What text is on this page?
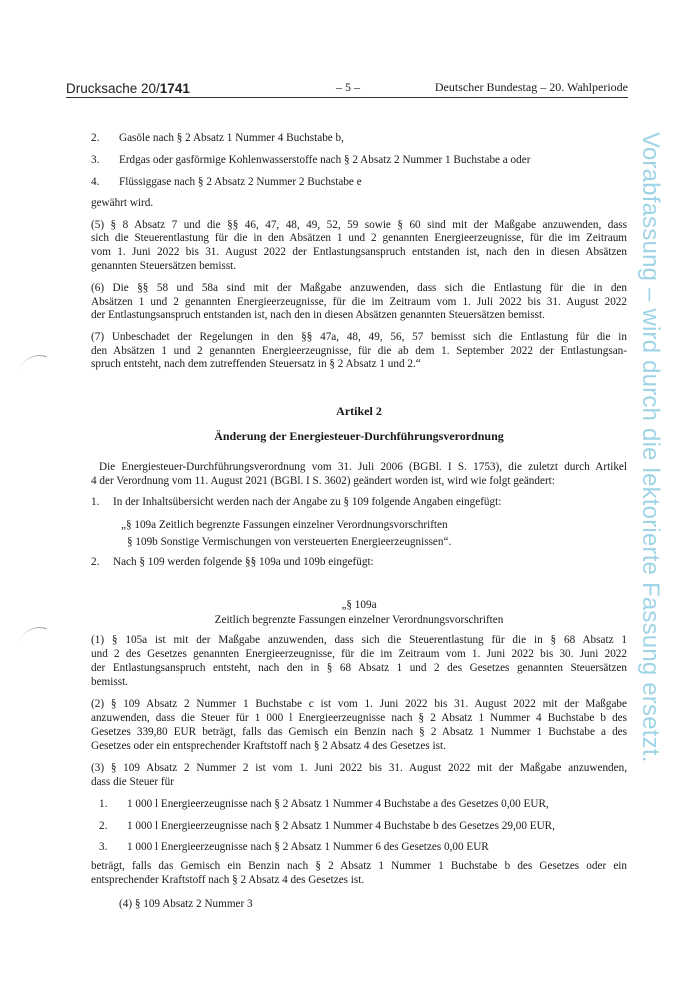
Drucksache 20/1741	– 5 –	Deutscher Bundestag – 20. Wahlperiode
Vorabfassung – wird durch die lektorierte Fassung ersetzt.
2. Gasöle nach § 2 Absatz 1 Nummer 4 Buchstabe b,
3. Erdgas oder gasförmige Kohlenwasserstoffe nach § 2 Absatz 2 Nummer 1 Buchstabe a oder
4. Flüssiggase nach § 2 Absatz 2 Nummer 2 Buchstabe e
gewährt wird.
(5) § 8 Absatz 7 und die §§ 46, 47, 48, 49, 52, 59 sowie § 60 sind mit der Maßgabe anzuwenden, dass
sich die Steuerentlastung für die in den Absätzen 1 und 2 genannten Energieerzeugnisse, für die im Zeitraum
vom 1. Juni 2022 bis 31. August 2022 der Entlastungsanspruch entstanden ist, nach den in diesen Absätzen
genannten Steuersätzen bemisst.
(6) Die §§ 58 und 58a sind mit der Maßgabe anzuwenden, dass sich die Entlastung für die in den
Absätzen 1 und 2 genannten Energieerzeugnisse, für die im Zeitraum vom 1. Juli 2022 bis 31. August 2022
der Entlastungsanspruch entstanden ist, nach den in diesen Absätzen genannten Steuersätzen bemisst.
(7) Unbeschadet der Regelungen in den §§ 47a, 48, 49, 56, 57 bemisst sich die Entlastung für die in
den Absätzen 1 und 2 genannten Energieerzeugnisse, für die ab dem 1. September 2022 der Entlastungsan-
spruch entsteht, nach dem zutreffenden Steuersatz in § 2 Absatz 1 und 2.“
Artikel 2
Änderung der Energiesteuer-Durchführungsverordnung
Die Energiesteuer-Durchführungsverordnung vom 31. Juli 2006 (BGBl. I S. 1753), die zuletzt durch Artikel
4 der Verordnung vom 11. August 2021 (BGBl. I S. 3602) geändert worden ist, wird wie folgt geändert:
1. In der Inhaltsübersicht werden nach der Angabe zu § 109 folgende Angaben eingefügt:
„§ 109a Zeitlich begrenzte Fassungen einzelner Verordnungsvorschriften
§ 109b Sonstige Vermischungen von versteuerten Energieerzeugnissen“.
2. Nach § 109 werden folgende §§ 109a und 109b eingefügt:
„§ 109a
Zeitlich begrenzte Fassungen einzelner Verordnungsvorschriften
(1) § 105a ist mit der Maßgabe anzuwenden, dass sich die Steuerentlastung für die in § 68 Absatz 1
und 2 des Gesetzes genannten Energieerzeugnisse, für die im Zeitraum vom 1. Juni 2022 bis 30. Juni 2022
der Entlastungsanspruch entsteht, nach den in § 68 Absatz 1 und 2 des Gesetzes genannten Steuersätzen
bemisst.
(2) § 109 Absatz 2 Nummer 1 Buchstabe c ist vom 1. Juni 2022 bis 31. August 2022 mit der Maßgabe
anzuwenden, dass die Steuer für 1 000 l Energieerzeugnisse nach § 2 Absatz 1 Nummer 4 Buchstabe b des
Gesetzes 339,80 EUR beträgt, falls das Gemisch ein Benzin nach § 2 Absatz 1 Nummer 1 Buchstabe a des
Gesetzes oder ein entsprechender Kraftstoff nach § 2 Absatz 4 des Gesetzes ist.
(3) § 109 Absatz 2 Nummer 2 ist vom 1. Juni 2022 bis 31. August 2022 mit der Maßgabe anzuwenden,
dass die Steuer für
1. 1 000 l Energieerzeugnisse nach § 2 Absatz 1 Nummer 4 Buchstabe a des Gesetzes 0,00 EUR,
2. 1 000 l Energieerzeugnisse nach § 2 Absatz 1 Nummer 4 Buchstabe b des Gesetzes 29,00 EUR,
3. 1 000 l Energieerzeugnisse nach § 2 Absatz 1 Nummer 6 des Gesetzes 0,00 EUR
beträgt, falls das Gemisch ein Benzin nach § 2 Absatz 1 Nummer 1 Buchstabe b des Gesetzes oder ein
entsprechender Kraftstoff nach § 2 Absatz 4 des Gesetzes ist.
(4) § 109 Absatz 2 Nummer 3
